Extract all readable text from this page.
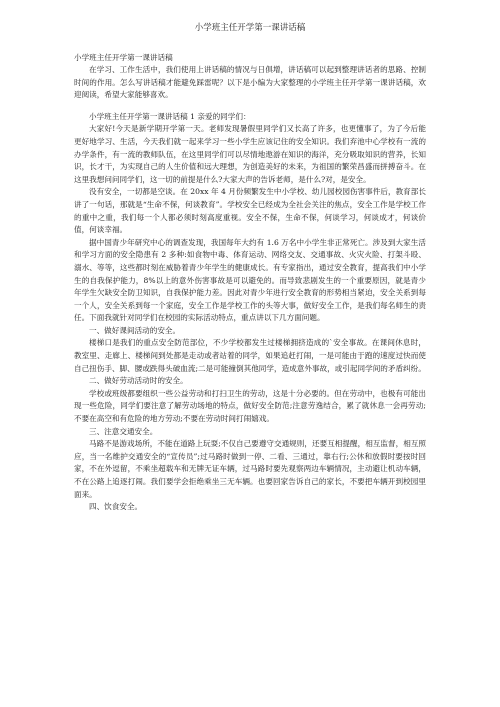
小学班主任开学第一课讲话稿
小学班主任开学第一课讲话稿

在学习、工作生活中，我们使用上讲话稿的情况与日俱增，讲话稿可以起到整理讲话者的思路、控制时间的作用。怎么写讲话稿才能避免踩雷呢？以下是小编为大家整理的小学班主任开学第一课讲话稿，欢迎阅读，希望大家能够喜欢。

小学班主任开学第一课讲话稿 1 亲爱的同学们：

大家好!今天是新学期开学第一天。老师发现暑假里同学们又长高了许多，也更懂事了，为了今后能更好地学习、生活，今天我们就一起来学习一些小学生应该记住的安全知识。我们弃池中心学校有一流的办学条件，有一流的教师队伍，在这里同学们可以尽情地遨游在知识的海洋，充分吸取知识的营养，长知识，长才干，为实现自己的人生价值和远大理想，为创造美好的未来，为祖国的繁荣昌盛而拼搏奋斗。在这里我想问问同学们，这一切的前提是什么?大家大声的告诉老师，是什么?对，是安全。

没有安全，一切都是空谈。在 20xx 年 4 月份频繁发生中小学校、幼儿园校园伤害事件后，教育部长讲了一句话，那就是“生命不保，何谈教育”。学校安全已经成为全社会关注的焦点，安全工作是学校工作的重中之重，我们每一个人都必须时刻高度重视。安全不保，生命不保，何谈学习，何谈成才，何谈价值，何谈幸福。

据中国青少年研究中心的调查发现，我国每年大约有 1.6 万名中小学生非正常死亡。涉及到大家生活和学习方面的安全隐患有 2 多种:如食物中毒、体育运动、网络交友、交通事故、火灾火险、打架斗殴、溺水、等等，这些都时刻在威胁着青少年学生的健康成长。有专家指出，通过安全教育，提高我们中小学生的自我保护能力，8%以上的意外伤害事故是可以避免的。而导致悲剧发生的一个重要原因，就是青少年学生欠缺安全防卫知识，自我保护能力差。因此对青少年进行安全教育的形势相当紧迫，安全关系到每一个人，安全关系到每一个家庭，安全工作是学校工作的头等大事，做好安全工作，是我们每名师生的责任。下面我就针对同学们在校园的实际活动特点，重点讲以下几方面问题。

一、做好课间活动的安全。

楼梯口是我们的重点安全防范部位，不少学校都发生过楼梯拥挤造成的`安全事故。在课间休息时，教室里、走廊上、楼梯间到处都是走动或者站着的同学，如果追赶打闹，一是可能由于跑的速度过快而使自己扭伤手、脚、腰或跌得头破血流;二是可能撞倒其他同学，造成意外事故，或引起同学间的矛盾纠纷。

二、做好劳动活动时的安全。

学校或班级都要组织一些公益劳动和打扫卫生的劳动，这是十分必要的。但在劳动中，也极有可能出现一些危险，同学们要注意了解劳动场地的特点，做好安全防范;注意劳逸结合，累了就休息一会再劳动;不要在高空和有危险的地方劳动;不要在劳动时间打闹嬉戏。

三、注意交通安全。

马路不是游戏场所，不能在道路上玩耍;不仅自己要遵守交通规则，还要互相提醒，相互监督，相互照应，当一名维护交通安全的“宣传员”;过马路时做到一停、二看、三通过，靠右行;公休和放假时要按时回家，不在外逗留，不乘坐超载车和无牌无证车辆，过马路时要先观察两边车辆情况，主动避让机动车辆，不在公路上追逐打闹。我们要学会拒绝乘坐三无车辆。也要回家告诉自己的家长，不要把车辆开到校园里面来。

四、饮食安全。
